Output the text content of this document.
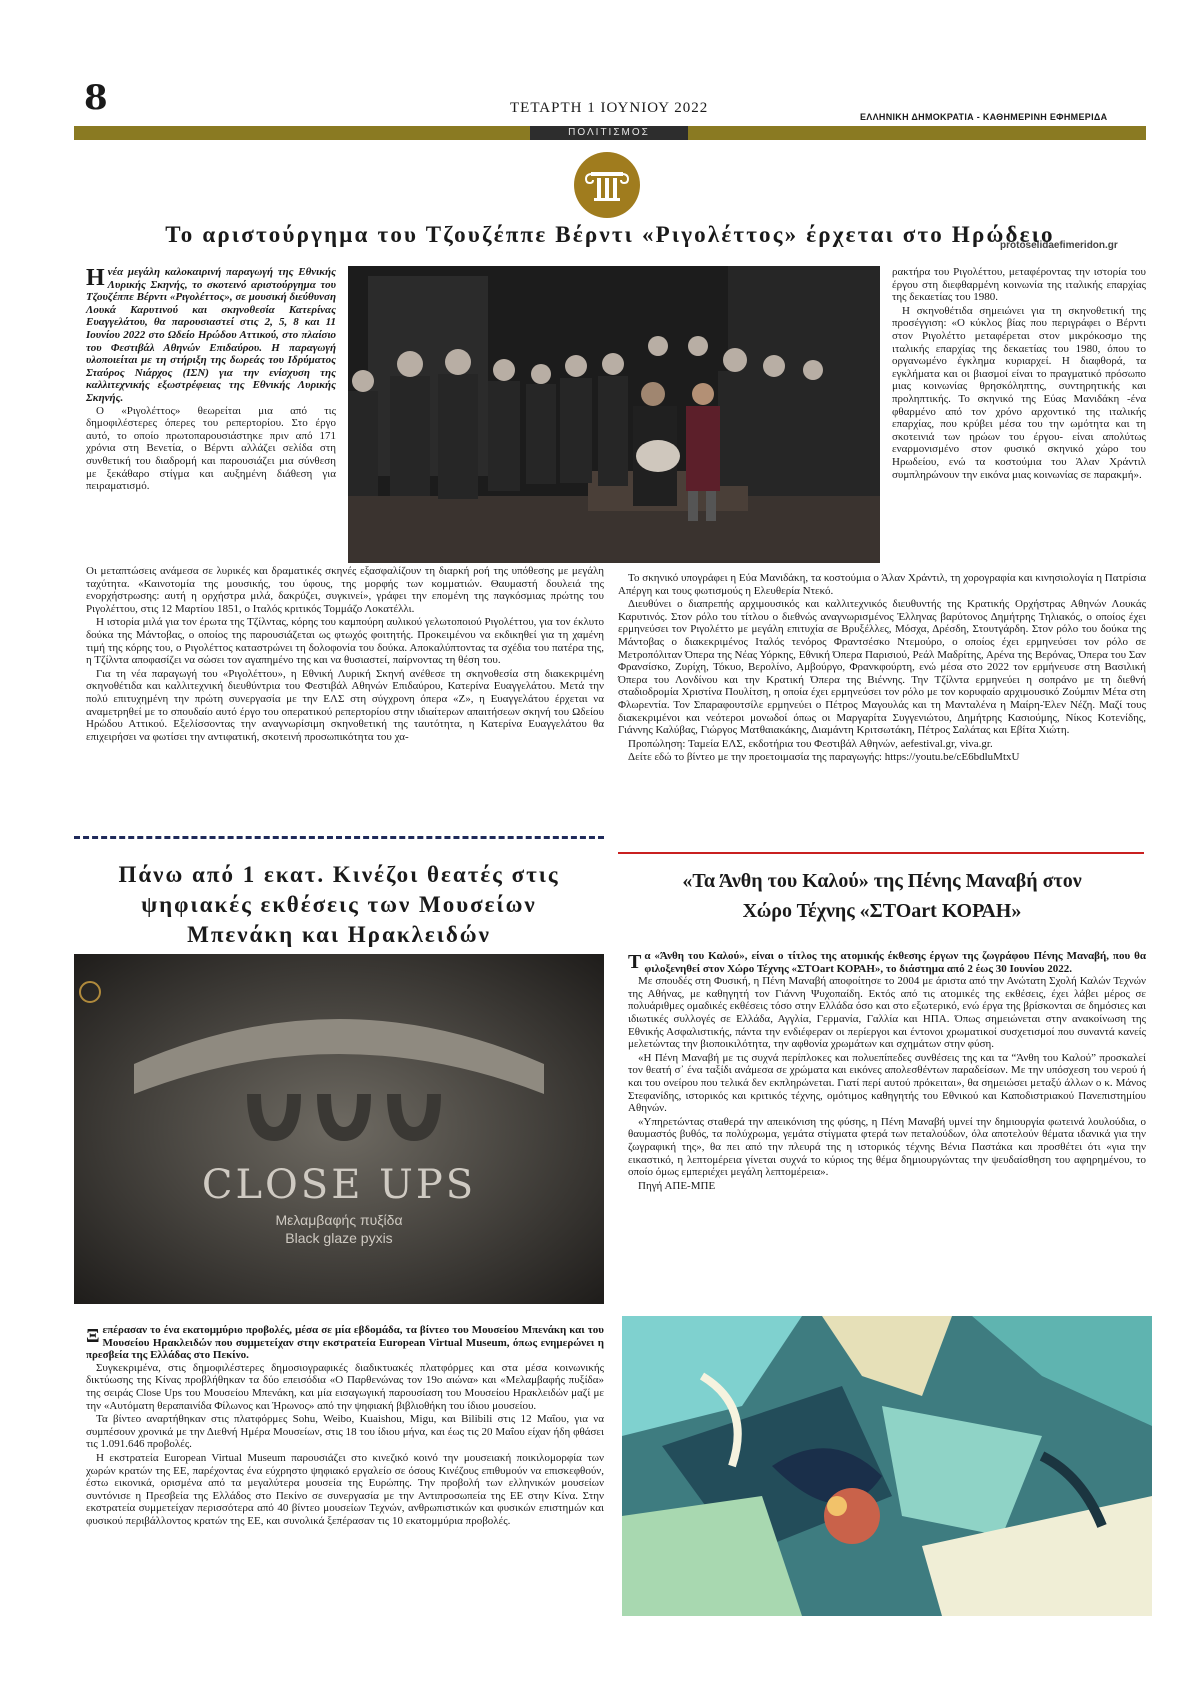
8	ΤΕΤΑΡΤΗ 1 ΙΟΥΝΙΟΥ 2022
ΕΛΛΗΝΙΚΗ ΔΗΜΟΚΡΑΤΙΑ - ΚΑΘΗΜΕΡΙΝΗ ΕΦΗΜΕΡΙΔΑ
ΠΟΛΙΤΙΣΜΟΣ
protoselidaefimeridon.gr
Το αριστούργημα του Τζουζέππε Βέρντι «Ριγολέττος» έρχεται στο Ηρώδειο
Η νέα μεγάλη καλοκαιρινή παραγωγή της Εθνικής Λυρικής Σκηνής, το σκοτεινό αριστούργημα του Τζουζέππε Βέρντι «Ριγολέττος», σε μουσική διεύθυνση Λουκά Καρυτινού και σκηνοθεσία Κατερίνας Ευαγγελάτου, θα παρουσιαστεί στις 2, 5, 8 και 11 Ιουνίου 2022 στο Ωδείο Ηρώδου Αττικού, στο πλαίσιο του Φεστιβάλ Αθηνών Επιδαύρου. Η παραγωγή υλοποιείται με τη στήριξη της δωρεάς του Ιδρύματος Σταύρος Νιάρχος (ΙΣΝ) για την ενίσχυση της καλλιτεχνικής εξωστρέφειας της Εθνικής Λυρικής Σκηνής.

Ο «Ριγολέττος» θεωρείται μια από τις δημοφιλέστερες όπερες του ρεπερτορίου. Στο έργο αυτό, το οποίο πρωτοπαρουσιάστηκε πριν από 171 χρόνια στη Βενετία, ο Βέρντι αλλάζει σελίδα στη συνθετική του διαδρομή και παρουσιάζει μια σύνθεση με ξεκάθαρο στίγμα και αυξημένη διάθεση για πειραματισμό.

ρακτήρα του Ριγολέττου, μεταφέροντας την ιστορία του έργου στη διεφθαρμένη κοινωνία της ιταλικής επαρχίας της δεκαετίας του 1980.

Η σκηνοθέτιδα σημειώνει για τη σκηνοθετική της προσέγγιση: «Ο κύκλος βίας που περιγράφει ο Βέρντι στον Ριγολέττο μεταφέρεται στον μικρόκοσμο της ιταλικής επαρχίας της δεκαετίας του 1980, όπου το οργανωμένο έγκλημα κυριαρχεί. Η διαφθορά, τα εγκλήματα και οι βιασμοί είναι το πραγματικό πρόσωπο μιας κοινωνίας θρησκόληπτης, συντηρητικής και προληπτικής. Το σκηνικό της Εύας Μανιδάκη -ένα φθαρμένο από τον χρόνο αρχοντικό της ιταλικής επαρχίας, που κρύβει μέσα του την ωμότητα και τη σκοτεινιά των ηρώων του έργου- είναι απολύτως εναρμονισμένο στον φυσικό σκηνικό χώρο του Ηρωδείου, ενώ τα κοστούμια του Άλαν Χράντιλ συμπληρώνουν την εικόνα μιας κοινωνίας σε παρακμή».

Οι μεταπτώσεις ανάμεσα σε λυρικές και δραματικές σκηνές εξασφαλίζουν τη διαρκή ροή της υπόθεσης με μεγάλη ταχύτητα. «Καινοτομία της μουσικής, του ύφους, της μορφής των κομματιών. Θαυμαστή δουλειά της ενορχήστρωσης: αυτή η ορχήστρα μιλά, δακρύζει, συγκινεί», γράφει την επομένη της παγκόσμιας πρώτης του Ριγολέττου, στις 12 Μαρτίου 1851, ο Ιταλός κριτικός Τομμάζο Λοκατέλλι.

Η ιστορία μιλά για τον έρωτα της Τζίλντας, κόρης του καμπούρη αυλικού γελωτοποιού Ριγολέττου, για τον έκλυτο δούκα της Μάντοβας, ο οποίος της παρουσιάζεται ως φτωχός φοιτητής. Προκειμένου να εκδικηθεί για τη χαμένη τιμή της κόρης του, ο Ριγολέττος καταστρώνει τη δολοφονία του δούκα. Αποκαλύπτοντας τα σχέδια του πατέρα της, η Τζίλντα αποφασίζει να σώσει τον αγαπημένο της και να θυσιαστεί, παίρνοντας τη θέση του.

Για τη νέα παραγωγή του «Ριγολέττου», η Εθνική Λυρική Σκηνή ανέθεσε τη σκηνοθεσία στη διακεκριμένη σκηνοθέτιδα και καλλιτεχνική διευθύντρια του Φεστιβάλ Αθηνών Επιδαύρου, Κατερίνα Ευαγγελάτου. Μετά την πολύ επιτυχημένη την πρώτη συνεργασία με την ΕΛΣ στη σύγχρονη όπερα «Ζ», η Ευαγγελάτου έρχεται να αναμετρηθεί με το σπουδαίο αυτό έργο του οπερατικού ρεπερτορίου στην ιδιαίτερων απαιτήσεων σκηνή του Ωδείου Ηρώδου Αττικού. Εξελίσσοντας την αναγνωρίσιμη σκηνοθετική της ταυτότητα, η Κατερίνα Ευαγγελάτου θα επιχειρήσει να φωτίσει την αντιφατική, σκοτεινή προσωπικότητα του χα-

Το σκηνικό υπογράφει η Εύα Μανιδάκη, τα κοστούμια ο Άλαν Χράντιλ, τη χορογραφία και κινησιολογία η Πατρίσια Απέργη και τους φωτισμούς η Ελευθερία Ντεκό.

Διευθύνει ο διαπρεπής αρχιμουσικός και καλλιτεχνικός διευθυντής της Κρατικής Ορχήστρας Αθηνών Λουκάς Καρυτινός. Στον ρόλο του τίτλου ο διεθνώς αναγνωρισμένος Έλληνας βαρύτονος Δημήτρης Τηλιακός, ο οποίος έχει ερμηνεύσει τον Ριγολέττο με μεγάλη επιτυχία σε Βρυξέλλες, Μόσχα, Δρέσδη, Στουτγάρδη. Στον ρόλο του δούκα της Μάντοβας ο διακεκριμένος Ιταλός τενόρος Φραντσέσκο Ντεμούρο, ο οποίος έχει ερμηνεύσει τον ρόλο σε Μετροπόλιταν Όπερα της Νέας Υόρκης, Εθνική Όπερα Παρισιού, Ρεάλ Μαδρίτης, Αρένα της Βερόνας, Όπερα του Σαν Φρανσίσκο, Ζυρίχη, Τόκυο, Βερολίνο, Αμβούργο, Φρανκφούρτη, ενώ μέσα στο 2022 τον ερμήνευσε στη Βασιλική Όπερα του Λονδίνου και την Κρατική Όπερα της Βιέννης. Την Τζίλντα ερμηνεύει η σοπράνο με τη διεθνή σταδιοδρομία Χριστίνα Πουλίτση, η οποία έχει ερμηνεύσει τον ρόλο με τον κορυφαίο αρχιμουσικό Ζούμπιν Μέτα στη Φλωρεντία. Τον Σπαραφουτσίλε ερμηνεύει ο Πέτρος Μαγουλάς και τη Μανταλένα η Μαίρη-Έλεν Νέζη. Μαζί τους διακεκριμένοι και νεότεροι μονωδοί όπως οι Μαργαρίτα Συγγενιώτου, Δημήτρης Κασιούμης, Νίκος Κοτενίδης, Γιάννης Καλύβας, Γιώργος Ματθαιακάκης, Διαμάντη Κριτσωτάκη, Πέτρος Σαλάτας και Εβίτα Χιώτη.

Προπώληση: Ταμεία ΕΛΣ, εκδοτήρια του Φεστιβάλ Αθηνών, aefestival.gr, viva.gr.

Δείτε εδώ το βίντεο με την προετοιμασία της παραγωγής: https://youtu.be/cE6bdluMtxU

Πάνω από 1 εκατ. Κινέζοι θεατές στις
ψηφιακές εκθέσεις των Μουσείων
Μπενάκη και Ηρακλειδών
CLOSE UPS
Μελαμβαφής πυξίδα
Black glaze pyxis
Ξ επέρασαν το ένα εκατομμύριο προβολές, μέσα σε μία εβδομάδα, τα βίντεο του Μουσείου Μπενάκη και του Μουσείου Ηρακλειδών που συμμετείχαν στην εκστρατεία European Virtual Museum, όπως ενημερώνει η πρεσβεία της Ελλάδας στο Πεκίνο.

Συγκεκριμένα, στις δημοφιλέστερες δημοσιογραφικές διαδικτυακές πλατφόρμες και στα μέσα κοινωνικής δικτύωσης της Κίνας προβλήθηκαν τα δύο επεισόδια «Ο Παρθενώνας τον 19ο αιώνα» και «Μελαμβαφής πυξίδα» της σειράς Close Ups του Μουσείου Μπενάκη, και μία εισαγωγική παρουσίαση του Μουσείου Ηρακλειδών μαζί με την «Αυτόματη θεραπαινίδα Φίλωνος και Ήρωνος» από την ψηφιακή βιβλιοθήκη του ίδιου μουσείου.

Τα βίντεο αναρτήθηκαν στις πλατφόρμες Sohu, Weibo, Kuaishou, Migu, και Bilibili στις 12 Μαΐου, για να συμπέσουν χρονικά με την Διεθνή Ημέρα Μουσείων, στις 18 του ίδιου μήνα, και έως τις 20 Μαΐου είχαν ήδη φθάσει τις 1.091.646 προβολές.

Η εκστρατεία European Virtual Museum παρουσιάζει στο κινεζικό κοινό την μουσειακή ποικιλομορφία των χωρών κρατών της ΕΕ, παρέχοντας ένα εύχρηστο ψηφιακό εργαλείο σε όσους Κινέζους επιθυμούν να επισκεφθούν, έστω εικονικά, ορισμένα από τα μεγαλύτερα μουσεία της Ευρώπης. Την προβολή των ελληνικών μουσείων συντόνισε η Πρεσβεία της Ελλάδος στο Πεκίνο σε συνεργασία με την Αντιπροσωπεία της ΕΕ στην Κίνα. Στην εκστρατεία συμμετείχαν περισσότερα από 40 βίντεο μουσείων Τεχνών, ανθρωπιστικών και φυσικών επιστημών και φυσικού περιβάλλοντος κρατών της ΕΕ, και συνολικά ξεπέρασαν τις 10 εκατομμύρια προβολές.

«Τα Άνθη του Καλού» της Πένης Μαναβή στον
Χώρο Τέχνης «ΣΤΟart ΚΟΡΑΗ»
Τ α «Άνθη του Καλού», είναι ο τίτλος της ατομικής έκθεσης έργων της ζωγράφου Πένης Μαναβή, που θα φιλοξενηθεί στον Χώρο Τέχνης «ΣΤΟart ΚΟΡΑΗ», το διάστημα από 2 έως 30 Ιουνίου 2022.

Με σπουδές στη Φυσική, η Πένη Μαναβή αποφοίτησε το 2004 με άριστα από την Ανώτατη Σχολή Καλών Τεχνών της Αθήνας, με καθηγητή τον Γιάννη Ψυχοπαίδη. Εκτός από τις ατομικές της εκθέσεις, έχει λάβει μέρος σε πολυάριθμες ομαδικές εκθέσεις τόσο στην Ελλάδα όσο και στο εξωτερικό, ενώ έργα της βρίσκονται σε δημόσιες και ιδιωτικές συλλογές σε Ελλάδα, Αγγλία, Γερμανία, Γαλλία και ΗΠΑ. Όπως σημειώνεται στην ανακοίνωση της Εθνικής Ασφαλιστικής, πάντα την ενδιέφεραν οι περίεργοι και έντονοι χρωματικοί συσχετισμοί που συναντά κανείς μελετώντας την βιοποικιλότητα, την αφθονία χρωμάτων και σχημάτων στην φύση.

«Η Πένη Μαναβή με τις συχνά περίπλοκες και πολυεπίπεδες συνθέσεις της και τα “Άνθη του Καλού” προσκαλεί τον θεατή σ᾽ ένα ταξίδι ανάμεσα σε χρώματα και εικόνες απολεσθέντων παραδείσων. Με την υπόσχεση του νερού ή και του ονείρου που τελικά δεν εκπληρώνεται. Γιατί περί αυτού πρόκειται», θα σημειώσει μεταξύ άλλων ο κ. Μάνος Στεφανίδης, ιστορικός και κριτικός τέχνης, ομότιμος καθηγητής του Εθνικού και Καποδιστριακού Πανεπιστημίου Αθηνών.

«Υπηρετώντας σταθερά την απεικόνιση της φύσης, η Πένη Μαναβή υμνεί την δημιουργία φωτεινά λουλούδια, ο θαυμαστός βυθός, τα πολύχρωμα, γεμάτα στίγματα φτερά των πεταλούδων, όλα αποτελούν θέματα ιδανικά για την ζωγραφική της», θα πει από την πλευρά της η ιστορικός τέχνης Βένια Παστάκα και προσθέτει ότι «για την εικαστικό, η λεπτομέρεια γίνεται συχνά το κύριος της θέμα δημιουργώντας την ψευδαίσθηση του αφηρημένου, το οποίο όμως εμπεριέχει μεγάλη λεπτομέρεια».

Πηγή ΑΠΕ-ΜΠΕ
